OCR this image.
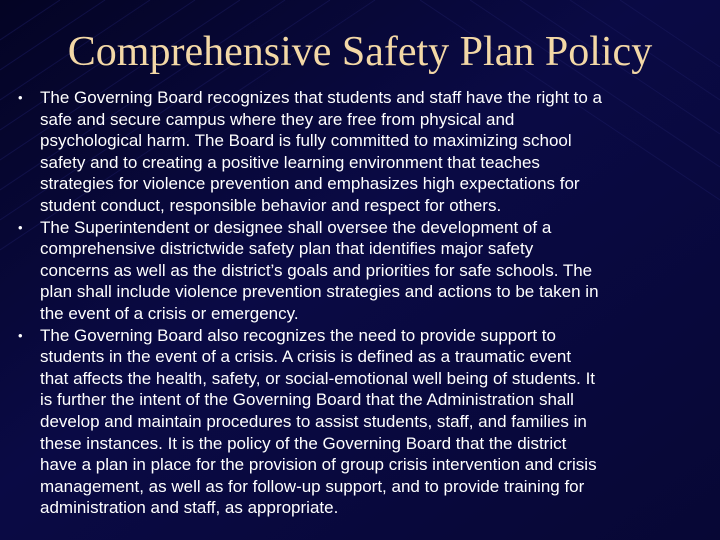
Comprehensive Safety Plan Policy
•	The Governing Board recognizes that students and staff have the right to a
safe and secure campus where they are free from physical and
psychological harm. The Board is fully committed to maximizing school
safety and to creating a positive learning environment that teaches
strategies for violence prevention and emphasizes high expectations for
student conduct, responsible behavior and respect for others.
•	The Superintendent or designee shall oversee the development of a
comprehensive districtwide safety plan that identifies major safety
concerns as well as the district’s goals and priorities for safe schools. The
plan shall include violence prevention strategies and actions to be taken in
the event of a crisis or emergency.
•	The Governing Board also recognizes the need to provide support to
students in the event of a crisis. A crisis is defined as a traumatic event
that affects the health, safety, or social-emotional well being of students. It
is further the intent of the Governing Board that the Administration shall
develop and maintain procedures to assist students, staff, and families in
these instances. It is the policy of the Governing Board that the district
have a plan in place for the provision of group crisis intervention and crisis
management, as well as for follow-up support, and to provide training for
administration and staff, as appropriate.
